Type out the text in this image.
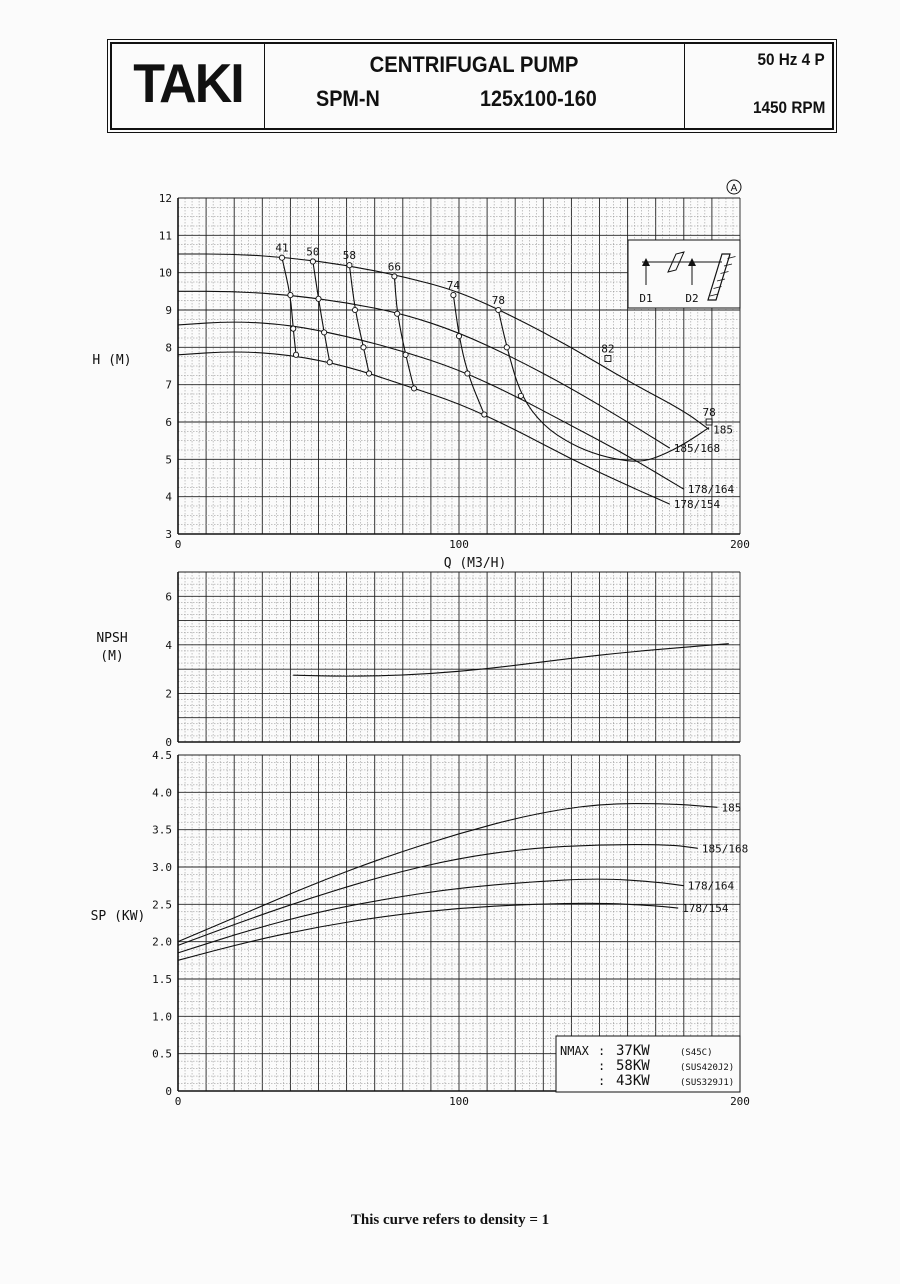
TAKI	CENTRIFUGAL PUMP
SPM-N	125x100-160
50 Hz 4 P
1450 RPM
3
4
5
6
7
8
9
10
11
12
0	100	200
185
185/168
178/164
178/154
41 50 58
66
74
78
82
78
0
2
4
6
0
0.5
1.0
1.5
2.0
2.5
3.0
3.5
4.0
4.5
0	100	200
185
185/168
178/164
178/154
H (M)
Q (M3/H)
NPSH
(M)
SP (KW)
A
D1	D2
NMAX : 37KW	(S45C)
: 58KW	(SUS420J2)
: 43KW	(SUS329J1)
This curve refers to density = 1
